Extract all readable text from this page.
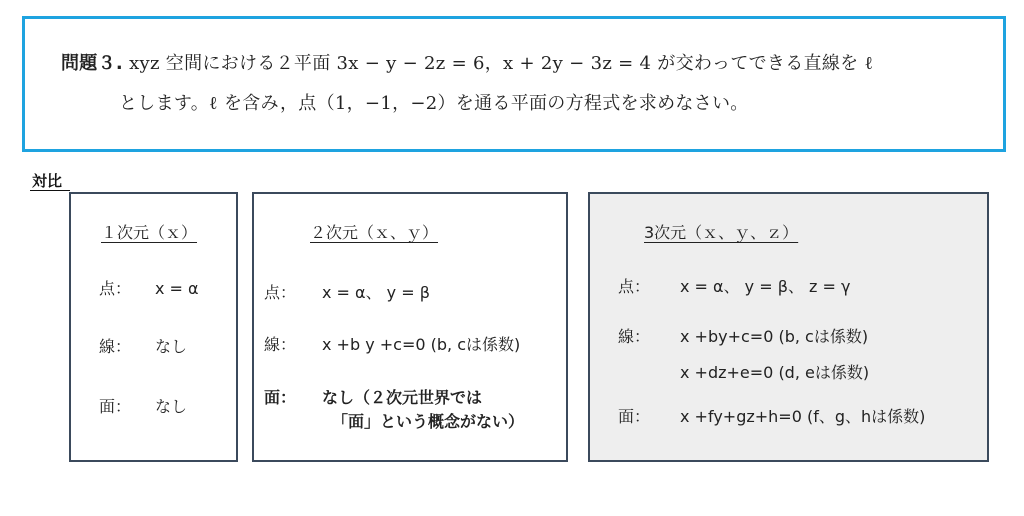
問題３. xyz 空間における２平面 3x − y − 2z = 6，x + 2y − 3z = 4 が交わってできる直線を ℓ
とします。ℓ を含み，点（1，−1，−2）を通る平面の方程式を求めなさい。
対比
１次元（ｘ）
点： x = α
線： なし
面： なし
２次元（ｘ、ｙ）
点： x = α、 y = β
線： x +b y +c=0 (b, cは係数)
面： なし（２次元世界では
「面」という概念がない）
3次元（ｘ、ｙ、ｚ）
点： x = α、 y = β、 z = γ
線： x +by+c=0 (b, cは係数)
x +dz+e=0 (d, eは係数)
面： x +fy+gz+h=0 (f、g、hは係数)
